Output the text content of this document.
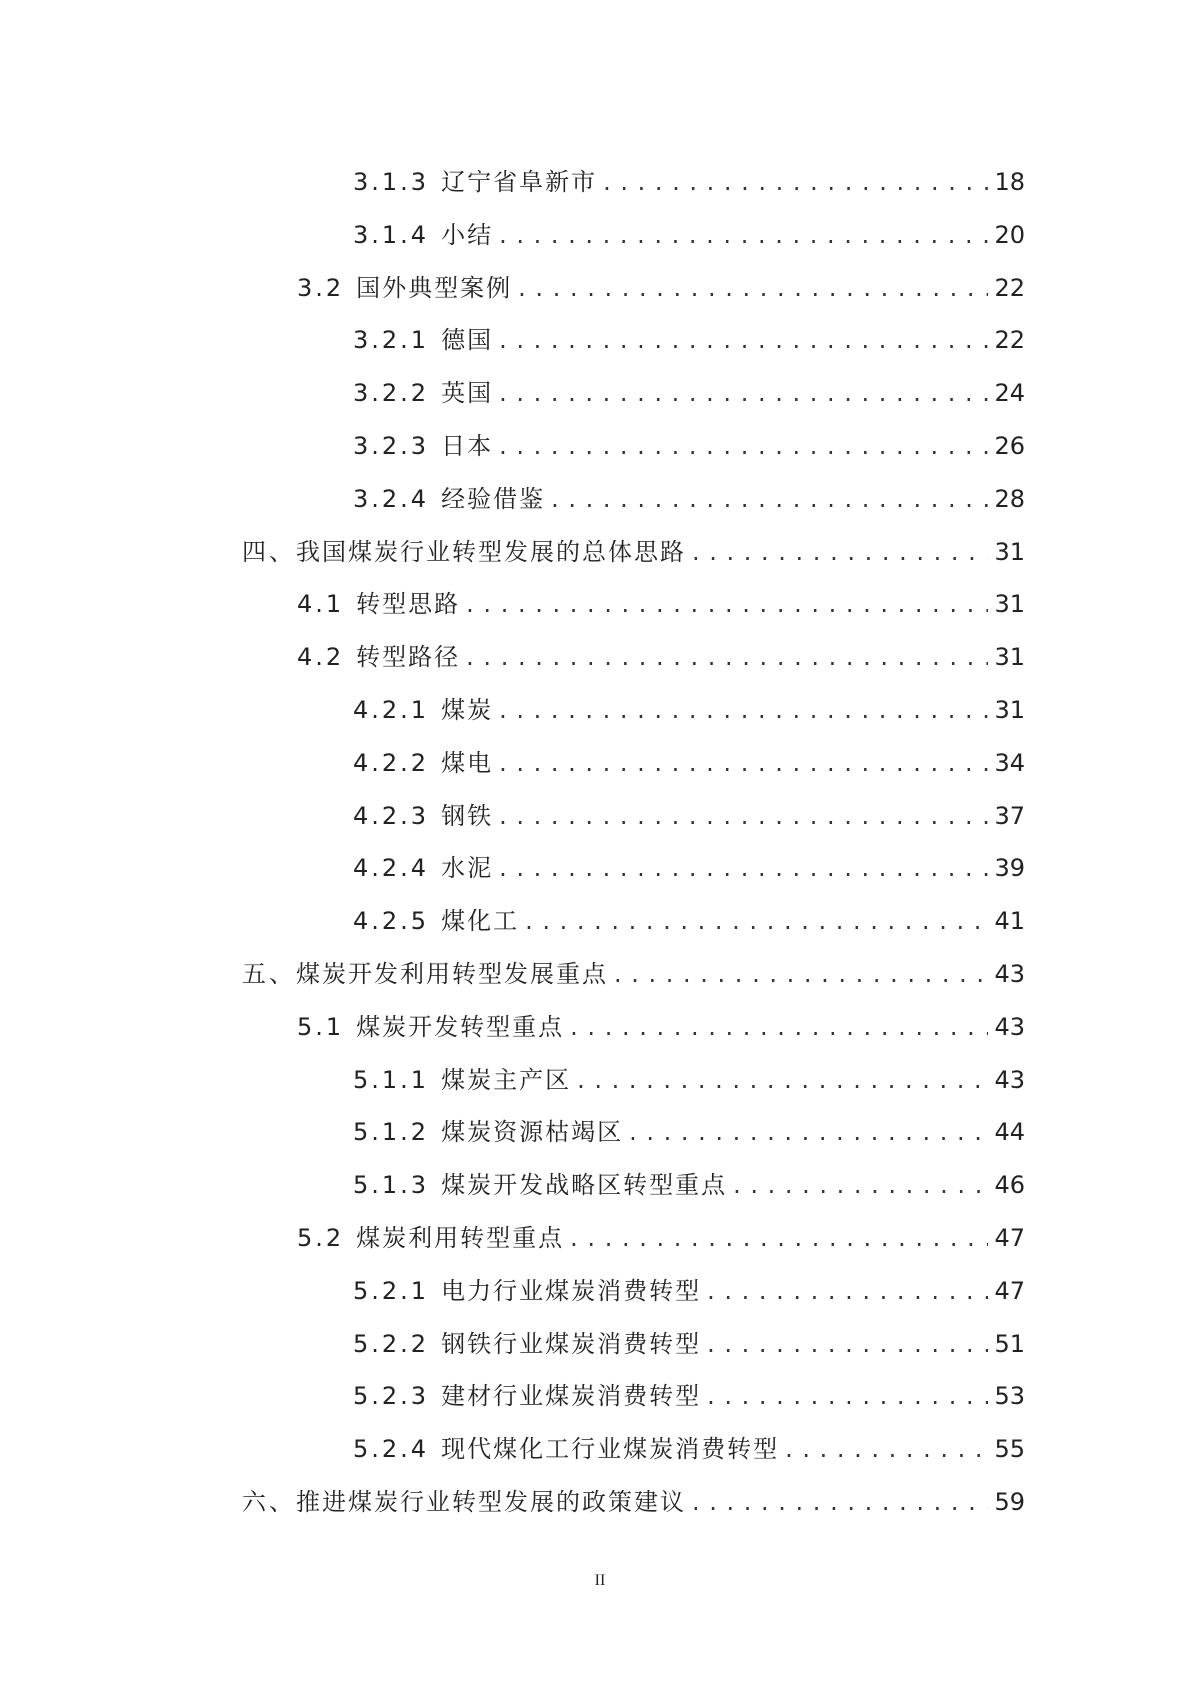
3.1.3 辽宁省阜新市 . . .	18
3.1.4 小结 . . .	20
3.2 国外典型案例 . . .	22
3.2.1 德国 . . .	22
3.2.2 英国 . . .	24
3.2.3 日本 . . .	26
3.2.4 经验借鉴 . . .	28
四、 我国煤炭行业转型发展的总体思路 . . .	31
4.1 转型思路 . . .	31
4.2 转型路径 . . .	31
4.2.1 煤炭 . . .	31
4.2.2 煤电 . . .	34
4.2.3 钢铁 . . .	37
4.2.4 水泥 . . .	39
4.2.5 煤化工 . . .	41
五、 煤炭开发利用转型发展重点 . . .	43
5.1 煤炭开发转型重点 . . .	43
5.1.1 煤炭主产区 . . .	43
5.1.2 煤炭资源枯竭区 . . .	44
5.1.3 煤炭开发战略区转型重点 . . .	46
5.2 煤炭利用转型重点 . . .	47
5.2.1 电力行业煤炭消费转型 . . .	47
5.2.2 钢铁行业煤炭消费转型 . . .	51
5.2.3 建材行业煤炭消费转型 . . .	53
5.2.4 现代煤化工行业煤炭消费转型 . . .	55
六、 推进煤炭行业转型发展的政策建议 . . .	59
II
